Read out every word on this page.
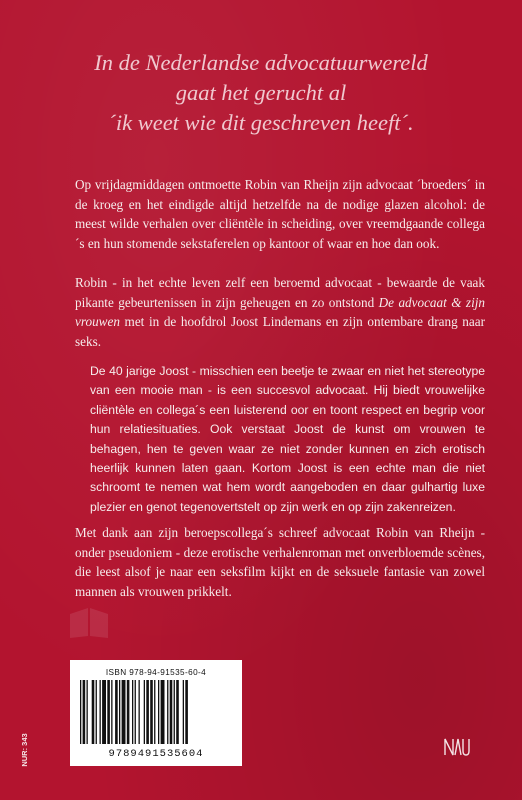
In de Nederlandse advocatuurwereld
gaat het gerucht al
´ik weet wie dit geschreven heeft´.
Op vrijdagmiddagen ontmoette Robin van Rheijn zijn advocaat ´broeders´ in de kroeg en het eindigde altijd hetzelfde na de nodige glazen alcohol: de meest wilde verhalen over cliëntèle in scheiding, over vreemdgaande collega´s en hun stomende sekstaferelen op kantoor of waar en hoe dan ook.
Robin - in het echte leven zelf een beroemd advocaat - bewaarde de vaak pikante gebeurtenissen in zijn geheugen en zo ontstond De advocaat & zijn vrouwen met in de hoofdrol Joost Lindemans en zijn ontembare drang naar seks.
De 40 jarige Joost - misschien een beetje te zwaar en niet het stereotype van een mooie man - is een succesvol advocaat. Hij biedt vrouwelijke cliëntèle en collega´s een luisterend oor en toont respect en begrip voor hun relatiesituaties. Ook verstaat Joost de kunst om vrouwen te behagen, hen te geven waar ze niet zonder kunnen en zich erotisch heerlijk kunnen laten gaan. Kortom Joost is een echte man die niet schroomt te nemen wat hem wordt aangeboden en daar gulhartig luxe plezier en genot tegenovertstelt op zijn werk en op zijn zakenreizen.
Met dank aan zijn beroepscollega´s schreef advocaat Robin van Rheijn - onder pseudoniem - deze erotische verhalenroman met onverbloemde scènes, die leest alsof je naar een seksfilm kijkt en de seksuele fantasie van zowel mannen als vrouwen prikkelt.
ISBN 978-94-91535-60-4
9789491535604
NUR: 343
